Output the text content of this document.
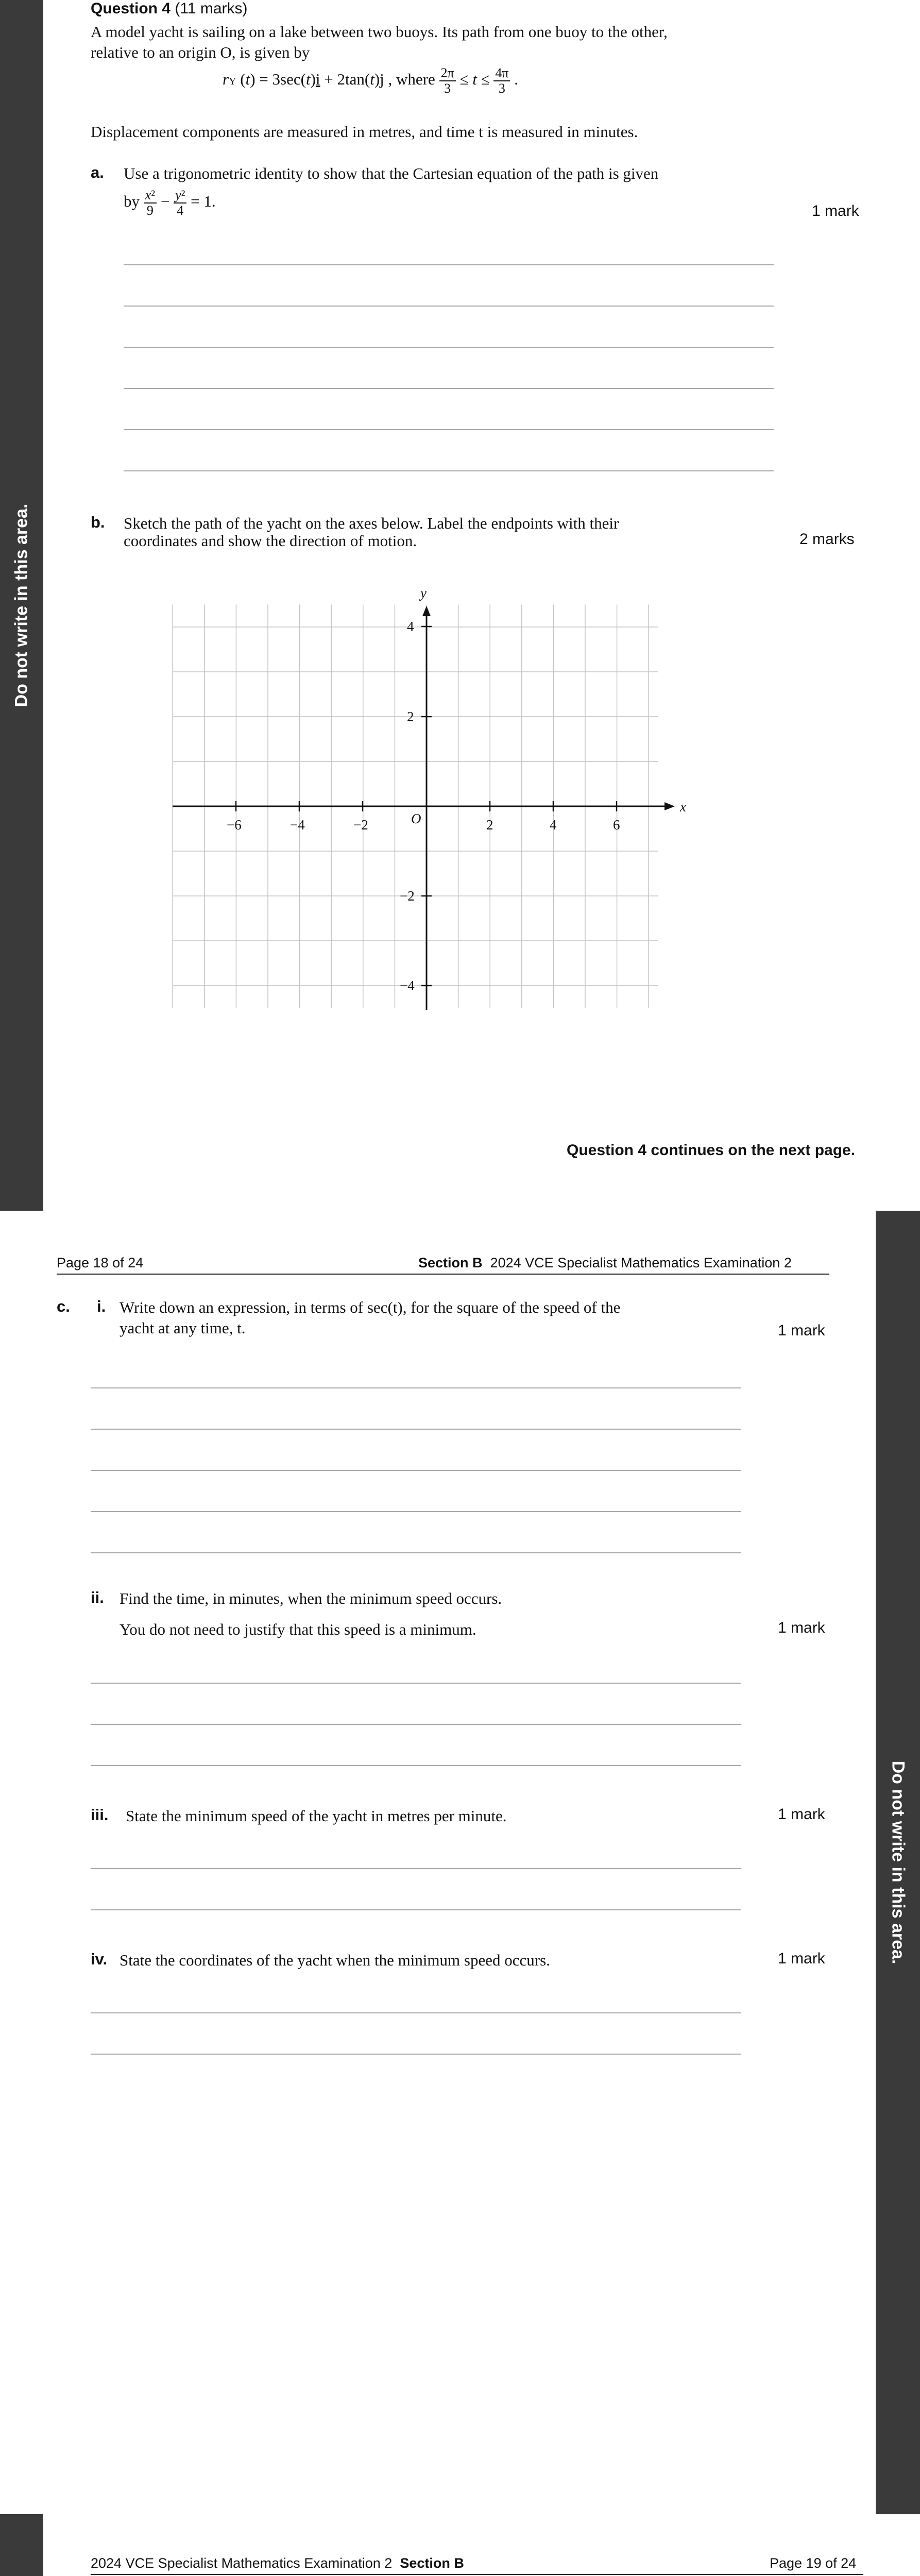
Do not write in this area.
Question 4 (11 marks)
A model yacht is sailing on a lake between two buoys. Its path from one buoy to the other,
relative to an origin O, is given by
rY (t) = 3sec(t)i + 2tan(t)j , where $\frac{2\pi}{3} \le t \le \frac{4\pi}{3}$ .
Displacement components are measured in metres, and time t is measured in minutes.
a. Use a trigonometric identity to show that the Cartesian equation of the path is given
by $\frac{\text{x²}}{9} - \frac{\text{y²}}{4} = 1$.
1 mark
b. Sketch the path of the yacht on the axes below. Label the endpoints with their
coordinates and show the direction of motion.	2 marks
x
y
O
−6	−4	−2	2	4	6
4
2
−2
−4
Question 4 continues on the next page.
Do not write in this area.
Page 18 of 24	Section B 2024 VCE Specialist Mathematics Examination 2
c. i. Write down an expression, in terms of sec(t), for the square of the speed of the
yacht at any time, t.	1 mark
ii. Find the time, in minutes, when the minimum speed occurs.
You do not need to justify that this speed is a minimum.	1 mark
iii. State the minimum speed of the yacht in metres per minute.	1 mark
iv. State the coordinates of the yacht when the minimum speed occurs.	1 mark
2024 VCE Specialist Mathematics Examination 2 Section B	Page 19 of 24
